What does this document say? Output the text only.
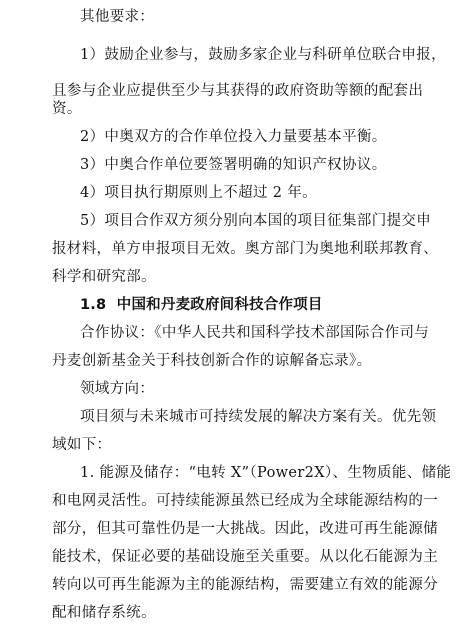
其他要求：
1）鼓励企业参与，鼓励多家企业与科研单位联合申报，
且参与企业应提供至少与其获得的政府资助等额的配套出
资。
2）中奥双方的合作单位投入力量要基本平衡。
3）中奥合作单位要签署明确的知识产权协议。
4）项目执行期原则上不超过 2 年。
5）项目合作双方须分别向本国的项目征集部门提交申
报材料，单方申报项目无效。奥方部门为奥地利联邦教育、
科学和研究部。
1.8  中国和丹麦政府间科技合作项目
合作协议：《中华人民共和国科学技术部国际合作司与
丹麦创新基金关于科技创新合作的谅解备忘录》。
领域方向：
项目须与未来城市可持续发展的解决方案有关。优先领
域如下：
1. 能源及储存：“电转 X”（Power2X）、生物质能、储能
和电网灵活性。可持续能源虽然已经成为全球能源结构的一
部分，但其可靠性仍是一大挑战。因此，改进可再生能源储
能技术，保证必要的基础设施至关重要。从以化石能源为主
转向以可再生能源为主的能源结构，需要建立有效的能源分
配和储存系统。
